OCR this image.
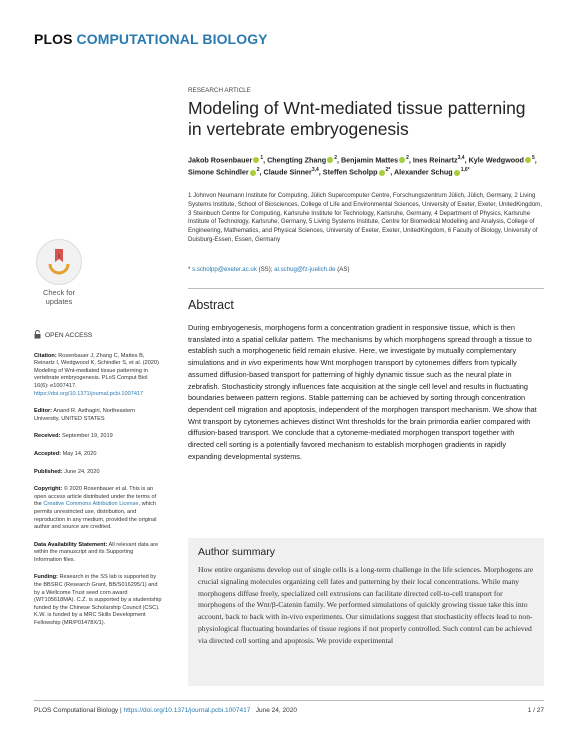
PLOS COMPUTATIONAL BIOLOGY
Check for
updates
OPEN ACCESS

Citation: Rosenbauer J, Zhang C, Mattes B, Reinartz I, Wedgwood K, Schindler S, et al. (2020) Modeling of Wnt-mediated tissue patterning in vertebrate embryogenesis. PLoS Comput Biol 16(6): e1007417. https://doi.org/10.1371/journal.pcbi.1007417

Editor: Anand R. Asthagiri, Northeastern University, UNITED STATES

Received: September 19, 2019

Accepted: May 14, 2020

Published: June 24, 2020

Copyright: © 2020 Rosenbauer et al. This is an open access article distributed under the terms of the Creative Commons Attribution License, which permits unrestricted use, distribution, and reproduction in any medium, provided the original author and source are credited.

Data Availability Statement: All relevant data are within the manuscript and its Supporting Information files.

Funding: Research in the SS lab is supported by the BBSRC (Research Grant, BB/S016295/1) and by a Wellcome Trust seed corn award (WT105618MA). C.Z. is supported by a studentship funded by the Chinese Scholarship Council (CSC). K.W. is funded by a MRC Skills Development Fellowship (MR/P01478X/1).

RESEARCH ARTICLE
Modeling of Wnt-mediated tissue patterning in vertebrate embryogenesis
Jakob Rosenbauer $^1$, Chengting Zhang $^2$, Benjamin Mattes $^2$, Ines Reinartz$^{3,4}$, Kyle Wedgwood $^5$, Simone Schindler $^2$, Claude Sinner$^{3,4}$, Steffen Scholpp $^{2*}$, Alexander Schug $^{1,6*}$
1 Johnvon Neumann Institute for Computing, Jülich Supercomputer Centre, Forschungszentrum Jülich, Jülich, Germany, 2 Living Systems Institute, School of Biosciences, College of Life and Environmental Sciences, University of Exeter, Exeter, UnitedKingdom, 3 Steinbuch Centre for Computing, Karlsruhe Institute for Technology, Karlsruhe, Germany, 4 Department of Physics, Karlsruhe Institute of Technology, Karlsruhe, Germany, 5 Living Systems Institute, Centre for Biomedical Modelling and Analysis, College of Engineering, Mathematics, and Physical Sciences, University of Exeter, Exeter, UnitedKingdom, 6 Faculty of Biology, University of Duisburg-Essen, Essen, Germany
* s.scholpp@exeter.ac.uk (SS); al.schug@fz-juelich.de (AS)
Abstract

During embryogenesis, morphogens form a concentration gradient in responsive tissue, which is then translated into a spatial cellular pattern. The mechanisms by which morphogens spread through a tissue to establish such a morphogenetic field remain elusive. Here, we investigate by mutually complementary simulations and in vivo experiments how Wnt morphogen transport by cytonemes differs from typically assumed diffusion-based transport for patterning of highly dynamic tissue such as the neural plate in zebrafish. Stochasticity strongly influences fate acquisition at the single cell level and results in fluctuating boundaries between pattern regions. Stable patterning can be achieved by sorting through concentration dependent cell migration and apoptosis, independent of the morphogen transport mechanism. We show that Wnt transport by cytonemes achieves distinct Wnt thresholds for the brain primordia earlier compared with diffusion-based transport. We conclude that a cytoneme-mediated morphogen transport together with directed cell sorting is a potentially favored mechanism to establish morphogen gradients in rapidly expanding developmental systems.

Author summary

How entire organisms develop out of single cells is a long-term challenge in the life sciences. Morphogens are crucial signaling molecules organizing cell fates and patterning by their local concentrations. While many morphogens diffuse freely, specialized cell extrusions can facilitate directed cell-to-cell transport for morphogens of the Wnt/β-Catenin family. We performed simulations of quickly growing tissue take this into account, back to back with in-vivo experiments. Our simulations suggest that stochasticity effects lead to non-physiological fluctuating boundaries of tissue regions if not properly controlled. Such control can be achieved via directed cell sorting and apoptosis. We provide experimental

PLOS Computational Biology | https://doi.org/10.1371/journal.pcbi.1007417 June 24, 2020	1 / 27
